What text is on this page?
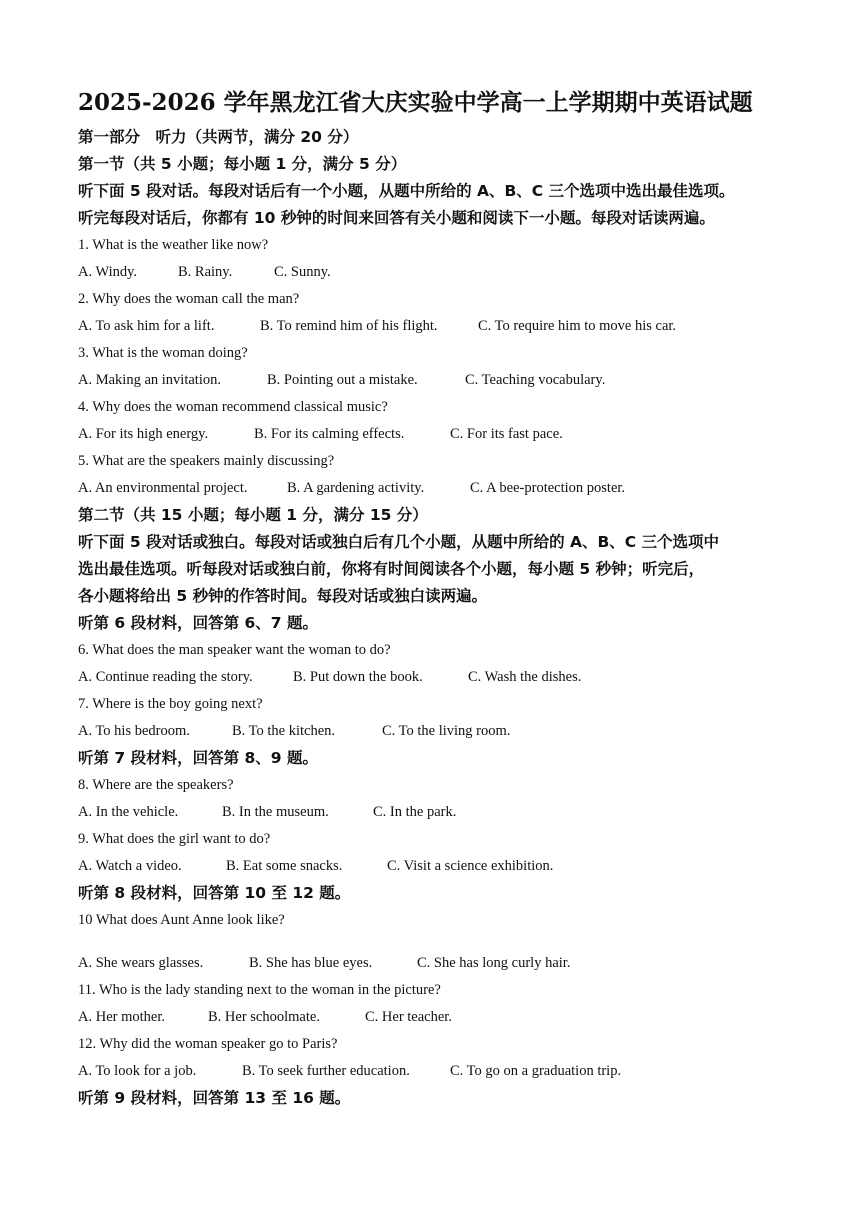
2025-2026 学年黑龙江省大庆实验中学高一上学期期中英语试题

第一部分　听力（共两节，满分 20 分）

第一节（共 5 小题；每小题 1 分，满分 5 分）

听下面 5 段对话。每段对话后有一个小题，从题中所给的 A、B、C 三个选项中选出最佳选项。

听完每段对话后，你都有 10 秒钟的时间来回答有关小题和阅读下一小题。每段对话读两遍。

1. What is the weather like now?

A. Windy.	B. Rainy.	C. Sunny.

2. Why does the woman call the man?

A. To ask him for a lift.	B. To remind him of his flight.	C. To require him to move his car.

3. What is the woman doing?

A. Making an invitation.	B. Pointing out a mistake.	C. Teaching vocabulary.

4. Why does the woman recommend classical music?

A. For its high energy.	B. For its calming effects.	C. For its fast pace.

5. What are the speakers mainly discussing?

A. An environmental project.	B. A gardening activity.	C. A bee-protection poster.

第二节（共 15 小题；每小题 1 分，满分 15 分）

听下面 5 段对话或独白。每段对话或独白后有几个小题，从题中所给的 A、B、C 三个选项中

选出最佳选项。听每段对话或独白前，你将有时间阅读各个小题，每小题 5 秒钟；听完后，

各小题将给出 5 秒钟的作答时间。每段对话或独白读两遍。

听第 6 段材料，回答第 6、7 题。

6. What does the man speaker want the woman to do?

A. Continue reading the story.	B. Put down the book.	C. Wash the dishes.

7. Where is the boy going next?

A. To his bedroom.	B. To the kitchen.	C. To the living room.

听第 7 段材料，回答第 8、9 题。

8. Where are the speakers?

A. In the vehicle.	B. In the museum.	C. In the park.

9. What does the girl want to do?

A. Watch a video.	B. Eat some snacks.	C. Visit a science exhibition.

听第 8 段材料，回答第 10 至 12 题。

10 What does Aunt Anne look like?

A. She wears glasses.	B. She has blue eyes.	C. She has long curly hair.

11. Who is the lady standing next to the woman in the picture?

A. Her mother.	B. Her schoolmate.	C. Her teacher.

12. Why did the woman speaker go to Paris?

A. To look for a job.	B. To seek further education.	C. To go on a graduation trip.

听第 9 段材料，回答第 13 至 16 题。
